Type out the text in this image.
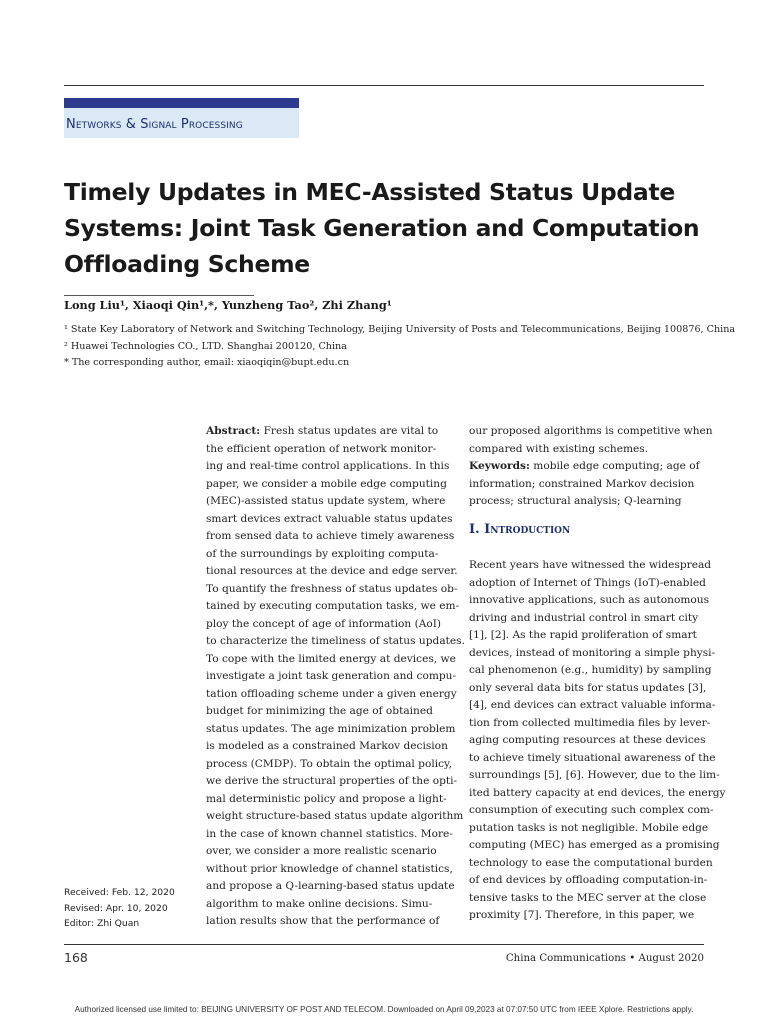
Networks & Signal Processing
Timely Updates in MEC-Assisted Status Update
Systems: Joint Task Generation and Computation
Offloading Scheme
Long Liu¹, Xiaoqi Qin¹,*, Yunzheng Tao², Zhi Zhang¹
¹ State Key Laboratory of Network and Switching Technology, Beijing University of Posts and Telecommunications, Beijing 100876, China
² Huawei Technologies CO., LTD. Shanghai 200120, China
* The corresponding author, email: xiaoqiqin@bupt.edu.cn
Abstract: Fresh status updates are vital to
the efficient operation of network monitor-
ing and real-time control applications. In this
paper, we consider a mobile edge computing
(MEC)-assisted status update system, where
smart devices extract valuable status updates
from sensed data to achieve timely awareness
of the surroundings by exploiting computa-
tional resources at the device and edge server.
To quantify the freshness of status updates ob-
tained by executing computation tasks, we em-
ploy the concept of age of information (AoI)
to characterize the timeliness of status updates.
To cope with the limited energy at devices, we
investigate a joint task generation and compu-
tation offloading scheme under a given energy
budget for minimizing the age of obtained
status updates. The age minimization problem
is modeled as a constrained Markov decision
process (CMDP). To obtain the optimal policy,
we derive the structural properties of the opti-
mal deterministic policy and propose a light-
weight structure-based status update algorithm
in the case of known channel statistics. More-
over, we consider a more realistic scenario
without prior knowledge of channel statistics,
and propose a Q-learning-based status update
algorithm to make online decisions. Simu-
lation results show that the performance of
our proposed algorithms is competitive when
compared with existing schemes.
Keywords: mobile edge computing; age of
information; constrained Markov decision
process; structural analysis; Q-learning
I. Introduction
Recent years have witnessed the widespread
adoption of Internet of Things (IoT)-enabled
innovative applications, such as autonomous
driving and industrial control in smart city
[1], [2]. As the rapid proliferation of smart
devices, instead of monitoring a simple physi-
cal phenomenon (e.g., humidity) by sampling
only several data bits for status updates [3],
[4], end devices can extract valuable informa-
tion from collected multimedia files by lever-
aging computing resources at these devices
to achieve timely situational awareness of the
surroundings [5], [6]. However, due to the lim-
ited battery capacity at end devices, the energy
consumption of executing such complex com-
putation tasks is not negligible. Mobile edge
computing (MEC) has emerged as a promising
technology to ease the computational burden
of end devices by offloading computation-in-
tensive tasks to the MEC server at the close
proximity [7]. Therefore, in this paper, we
Received: Feb. 12, 2020
Revised: Apr. 10, 2020
Editor: Zhi Quan
168	China Communications • August 2020
Authorized licensed use limited to: BEIJING UNIVERSITY OF POST AND TELECOM. Downloaded on April 09,2023 at 07:07:50 UTC from IEEE Xplore. Restrictions apply.
